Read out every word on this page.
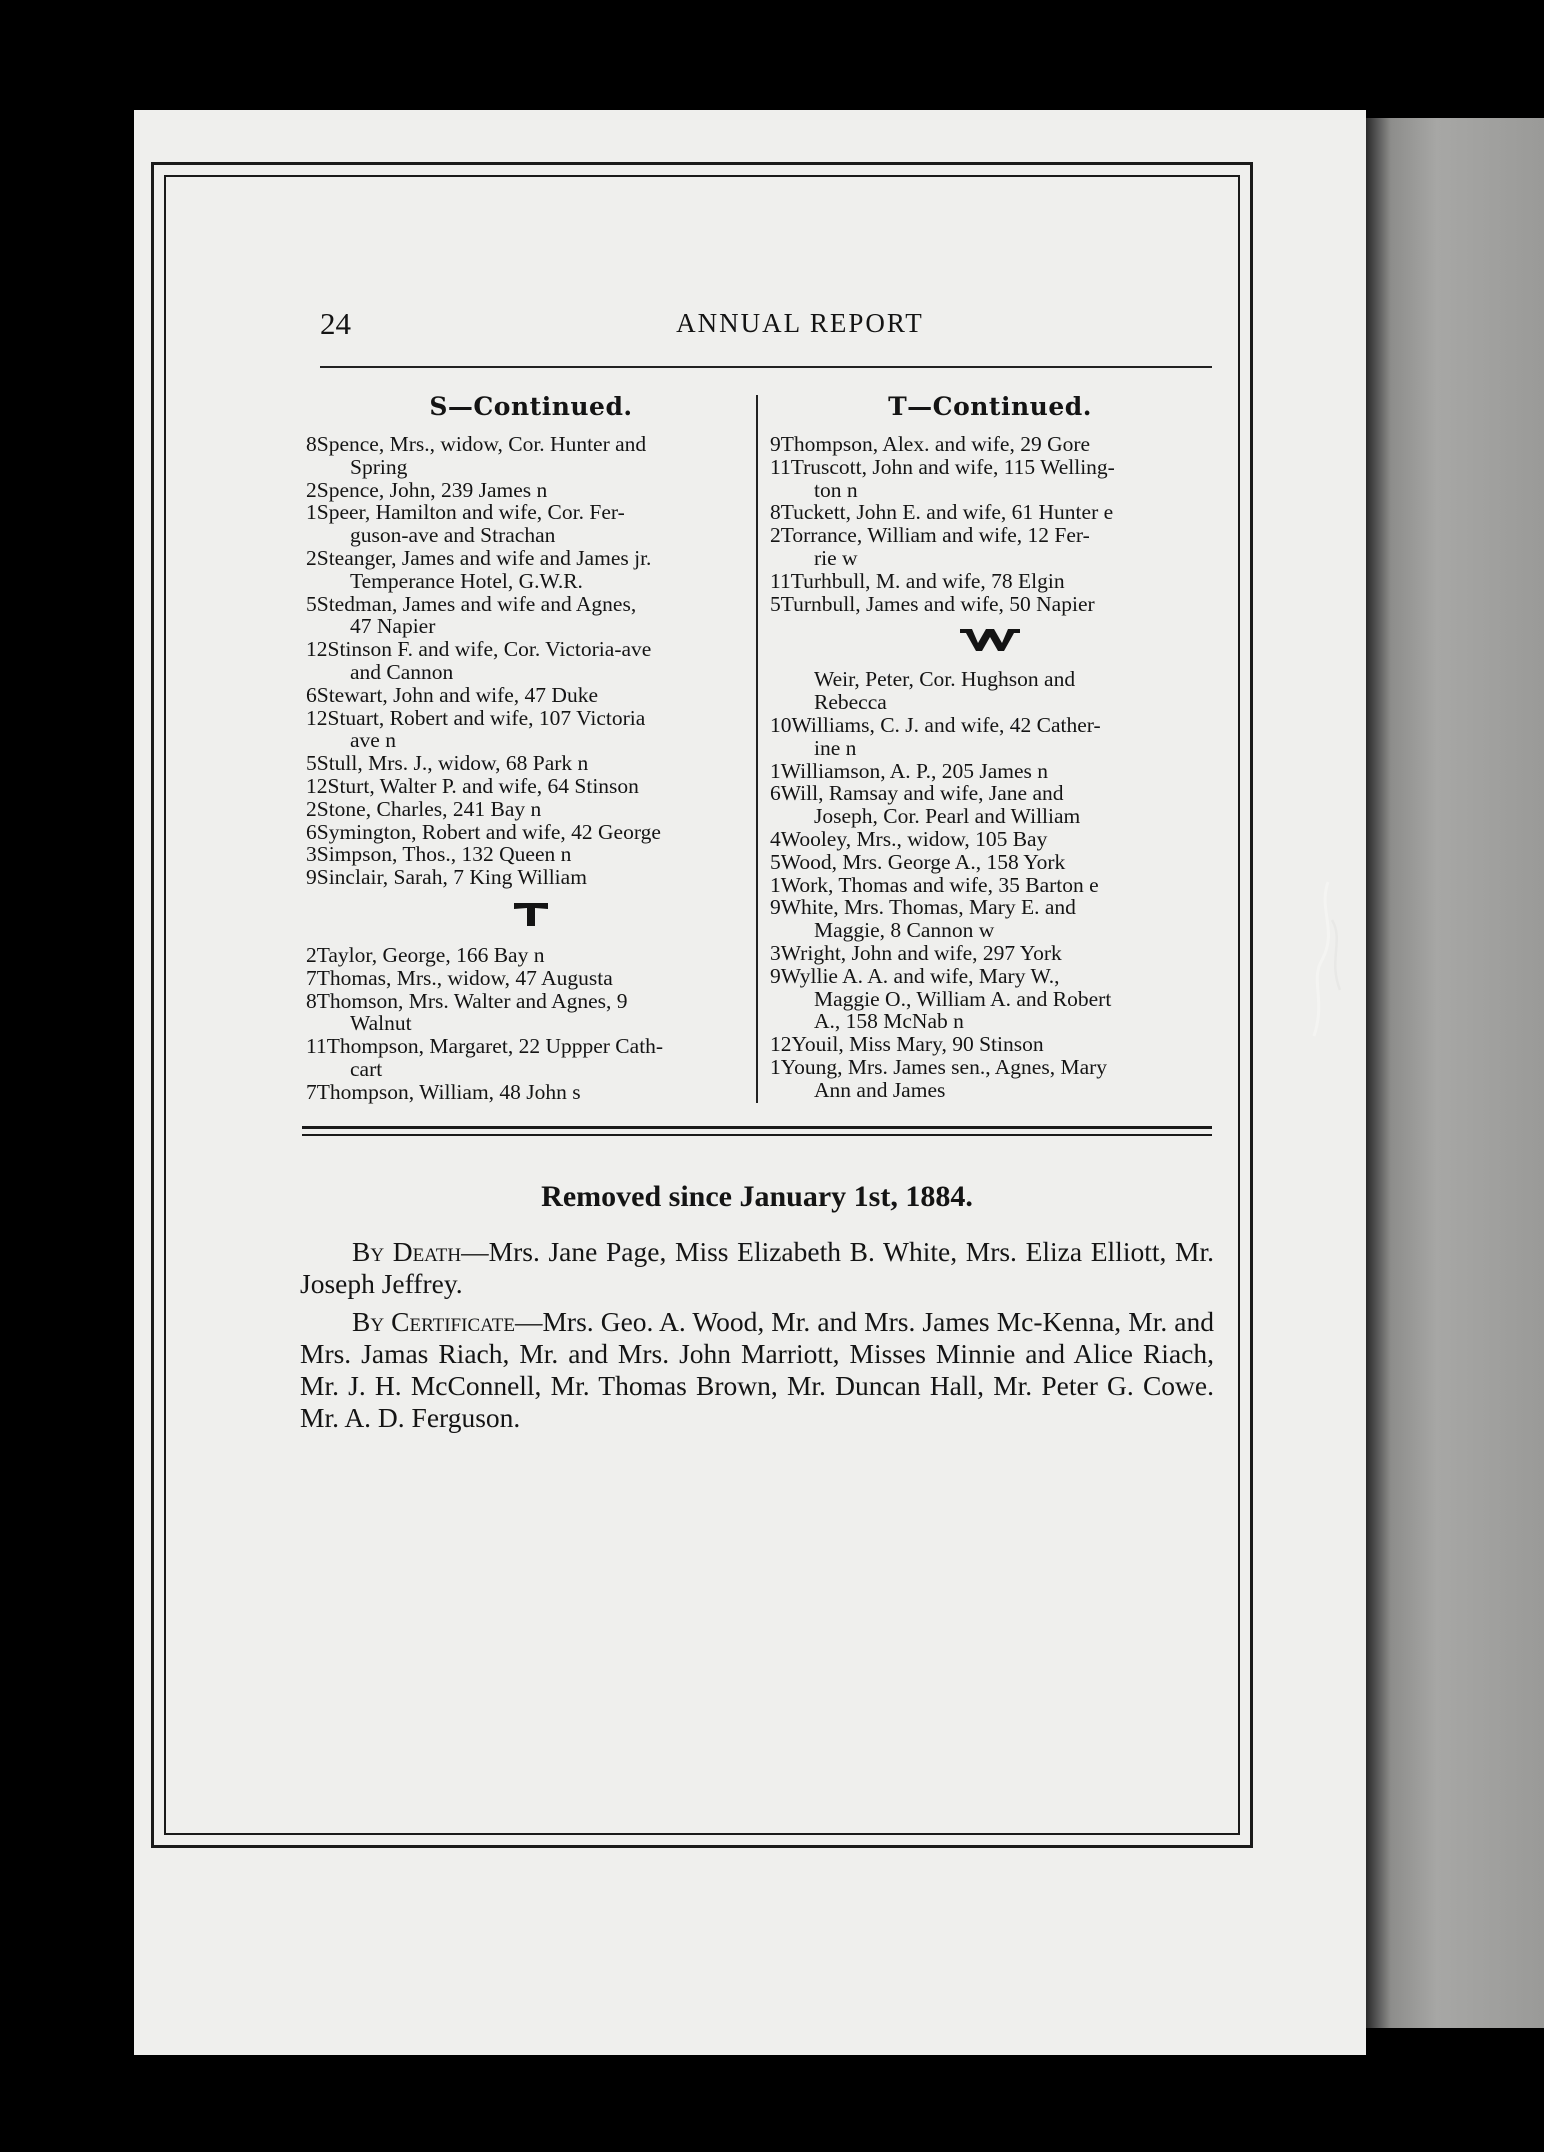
24	ANNUAL REPORT
S—Continued.
8Spence, Mrs., widow, Cor. Hunter and
Spring
2Spence, John, 239 James n
1Speer, Hamilton and wife, Cor. Fer-
guson-ave and Strachan
2Steanger, James and wife and James jr.
Temperance Hotel, G.W.R.
5Stedman, James and wife and Agnes,
47 Napier
12Stinson F. and wife, Cor. Victoria-ave
and Cannon
6Stewart, John and wife, 47 Duke
12Stuart, Robert and wife, 107 Victoria
ave n
5Stull, Mrs. J., widow, 68 Park n
12Sturt, Walter P. and wife, 64 Stinson
2Stone, Charles, 241 Bay n
6Symington, Robert and wife, 42 George
3Simpson, Thos., 132 Queen n
9Sinclair, Sarah, 7 King William
2Taylor, George, 166 Bay n
7Thomas, Mrs., widow, 47 Augusta
8Thomson, Mrs. Walter and Agnes, 9
Walnut
11Thompson, Margaret, 22 Uppper Cath-
cart
7Thompson, William, 48 John s
T—Continued.
9Thompson, Alex. and wife, 29 Gore
11Truscott, John and wife, 115 Welling-
ton n
8Tuckett, John E. and wife, 61 Hunter e
2Torrance, William and wife, 12 Fer-
rie w
11Turhbull, M. and wife, 78 Elgin
5Turnbull, James and wife, 50 Napier
Weir, Peter, Cor. Hughson and
Rebecca
10Williams, C. J. and wife, 42 Cather-
ine n
1Williamson, A. P., 205 James n
6Will, Ramsay and wife, Jane and
Joseph, Cor. Pearl and William
4Wooley, Mrs., widow, 105 Bay
5Wood, Mrs. George A., 158 York
1Work, Thomas and wife, 35 Barton e
9White, Mrs. Thomas, Mary E. and
Maggie, 8 Cannon w
3Wright, John and wife, 297 York
9Wyllie A. A. and wife, Mary W.,
Maggie O., William A. and Robert
A., 158 McNab n
12Youil, Miss Mary, 90 Stinson
1Young, Mrs. James sen., Agnes, Mary
Ann and James
Removed since January 1st, 1884.
By Death—Mrs. Jane Page, Miss Elizabeth B. White, Mrs. Eliza Elliott, Mr. Joseph Jeffrey.
By Certificate—Mrs. Geo. A. Wood, Mr. and Mrs. James Mc-Kenna, Mr. and Mrs. Jamas Riach, Mr. and Mrs. John Marriott, Misses Minnie and Alice Riach, Mr. J. H. McConnell, Mr. Thomas Brown, Mr. Duncan Hall, Mr. Peter G. Cowe. Mr. A. D. Ferguson.
